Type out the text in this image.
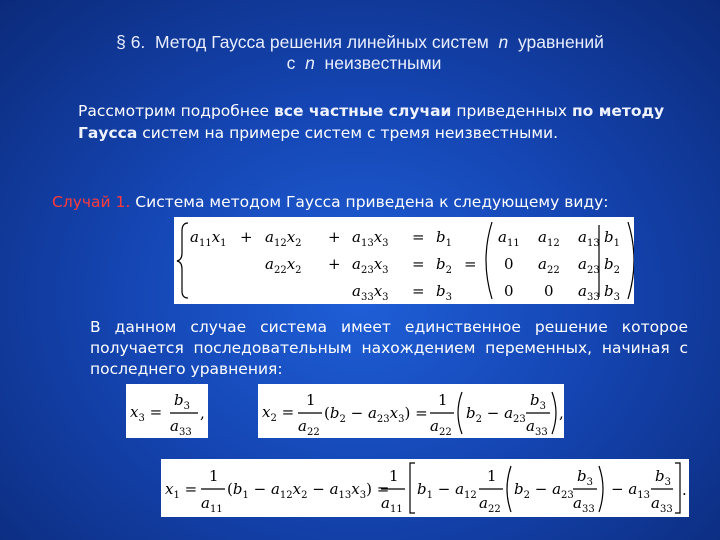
§ 6. Метод Гаусса решения линейных систем n уравнений
с n неизвестными
Рассмотрим подробнее все частные случаи приведенных по методу Гаусса систем на примере систем с тремя неизвестными.
Случай 1. Система методом Гаусса приведена к следующему виду:
$a_{11}x_1 + a_{12}x_2 + a_{13}x_3 = b_1$
$a_{22}x_2 + a_{23}x_3 = b_2$
$a_{33}x_3 = b_3$
=
$a_{11}$ $a_{12}$ $a_{13}$ $b_1$
0 $a_{22}$ $a_{23}$ $b_2$
0 0 $a_{33}$ $b_3$
В данном случае система имеет единственное решение которое получается последовательным нахождением переменных, начиная с последнего уравнения:
$x_3$ =
$b_3$
$a_{33}$
,	$x_2$ =
1
$a_{22}$
$(b_2 - a_{23}x_3)$ =
1
$a_{22}$
$b_2 - a_{23}$
$b_3$
$a_{33}$
,
$x_1$ =
1
$a_{11}$
$(b_1 - a_{12}x_2 - a_{13}x_3)$ =
1
$a_{11}$
$b_1 - a_{12}$
1
$a_{22}$
$b_2 - a_{23}$
$b_3$
$a_{33}$
− $a_{13}$
$b_3$
$a_{33}$
.
